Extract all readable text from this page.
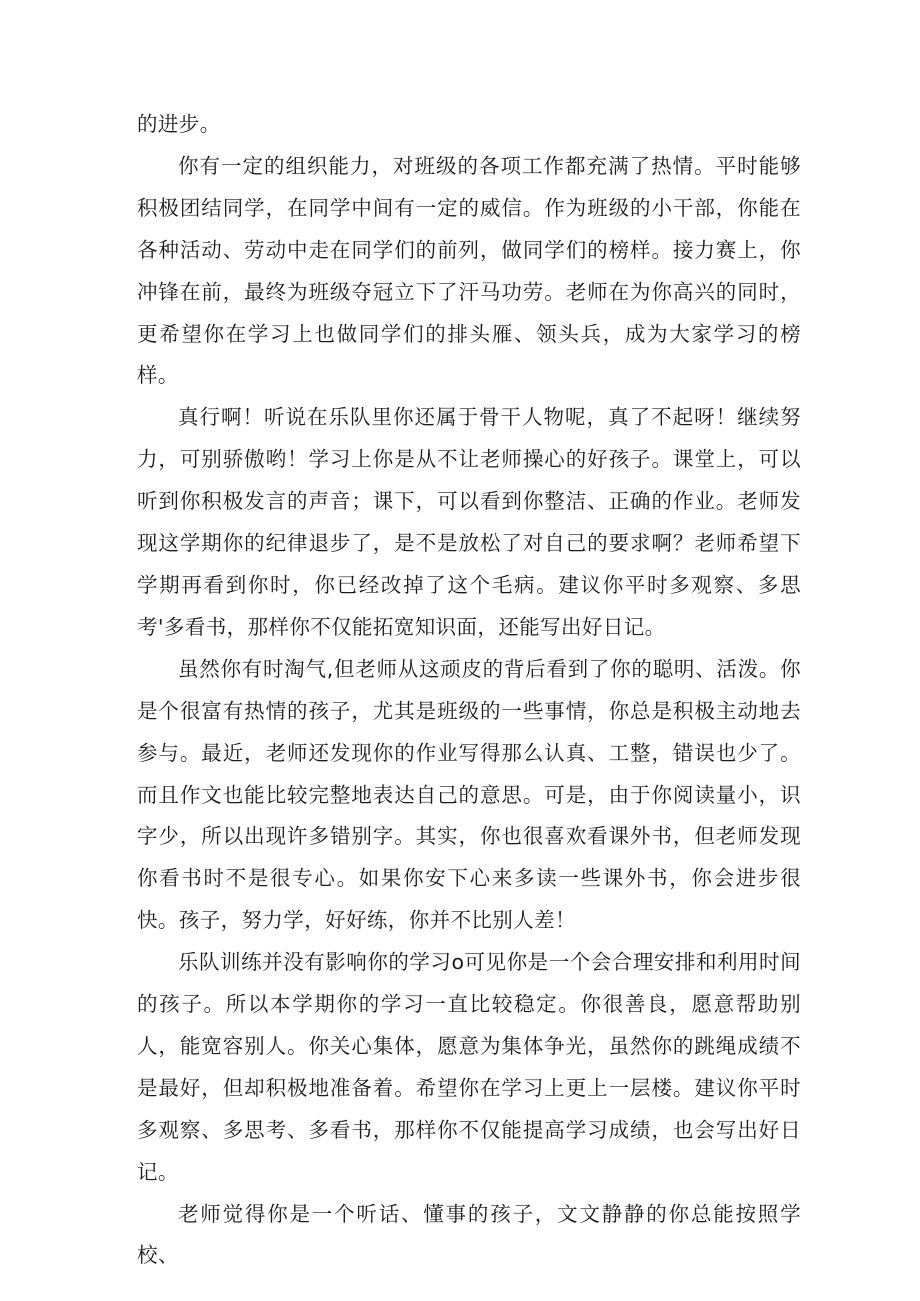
的进步。

你有一定的组织能力，对班级的各项工作都充满了热情。平时能够积极团结同学，在同学中间有一定的威信。作为班级的小干部，你能在各种活动、劳动中走在同学们的前列，做同学们的榜样。接力赛上，你冲锋在前，最终为班级夺冠立下了汗马功劳。老师在为你高兴的同时，更希望你在学习上也做同学们的排头雁、领头兵，成为大家学习的榜样。

真行啊！听说在乐队里你还属于骨干人物呢，真了不起呀！继续努力，可别骄傲哟！学习上你是从不让老师操心的好孩子。课堂上，可以听到你积极发言的声音；课下，可以看到你整洁、正确的作业。老师发现这学期你的纪律退步了，是不是放松了对自己的要求啊？老师希望下学期再看到你时，你已经改掉了这个毛病。建议你平时多观察、多思考'多看书，那样你不仅能拓宽知识面，还能写出好日记。

虽然你有时淘气,但老师从这顽皮的背后看到了你的聪明、活泼。你是个很富有热情的孩子，尤其是班级的一些事情，你总是积极主动地去参与。最近，老师还发现你的作业写得那么认真、工整，错误也少了。而且作文也能比较完整地表达自己的意思。可是，由于你阅读量小，识字少，所以出现许多错别字。其实，你也很喜欢看课外书，但老师发现你看书时不是很专心。如果你安下心来多读一些课外书，你会进步很快。孩子，努力学，好好练，你并不比别人差！

乐队训练并没有影响你的学习o可见你是一个会合理安排和利用时间的孩子。所以本学期你的学习一直比较稳定。你很善良，愿意帮助别人，能宽容别人。你关心集体，愿意为集体争光，虽然你的跳绳成绩不是最好，但却积极地准备着。希望你在学习上更上一层楼。建议你平时多观察、多思考、多看书，那样你不仅能提高学习成绩，也会写出好日记。

老师觉得你是一个听话、懂事的孩子，文文静静的你总能按照学校、
